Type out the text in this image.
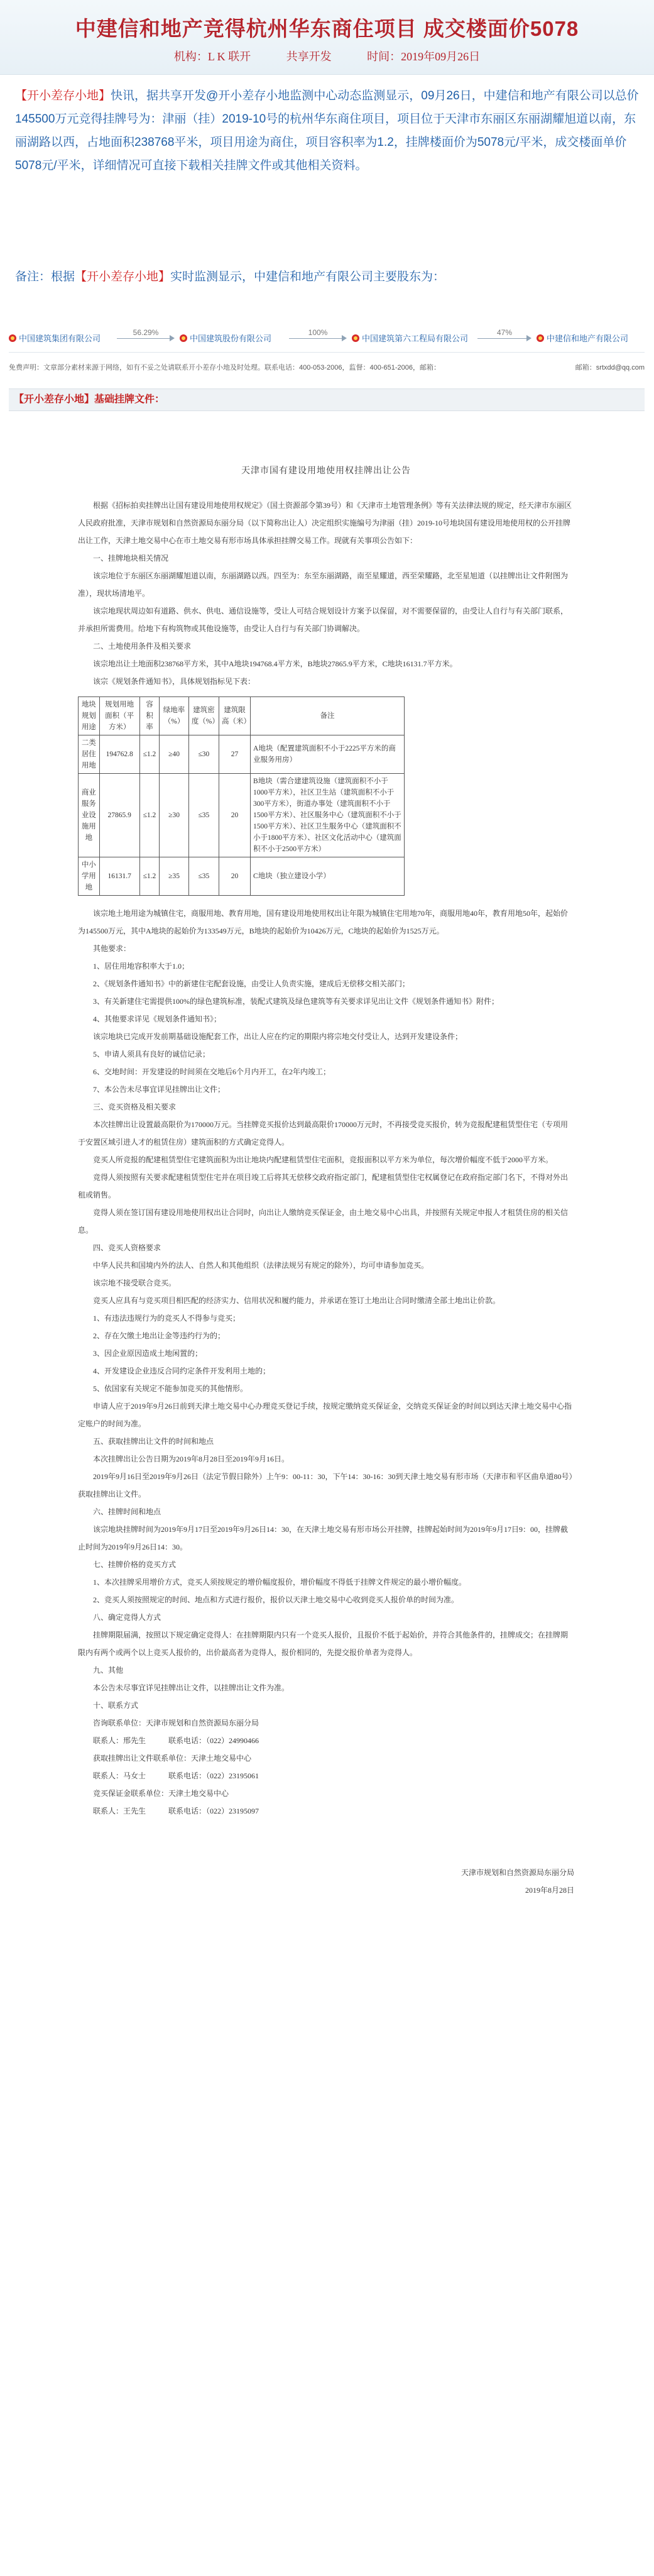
中建信和地产竞得杭州华东商住项目 成交楼面价5078
机构：L K 联开	共享开发	时间：2019年09月26日
【开小差存小地】快讯，据共享开发@开小差存小地监测中心动态监测显示，09月26日，中建信和地产有限公司以总价145500万元竞得挂牌号为：津丽（挂）2019-10号的杭州华东商住项目，项目位于天津市东丽区东丽湖耀旭道以南，东丽湖路以西，占地面积238768平米，项目用途为商住，项目容积率为1.2，挂牌楼面价为5078元/平米，成交楼面单价5078元/平米，详细情况可直接下载相关挂牌文件或其他相关资料。
备注：根据【开小差存小地】实时监测显示，中建信和地产有限公司主要股东为：
中国建筑集团有限公司
56.29%
中国建筑股份有限公司
100%
中国建筑第六工程局有限公司
47%
中建信和地产有限公司
免费声明：文章部分素材来源于网络，如有不妥之处请联系开小差存小地及时处理。联系电话：400-053-2006，监督：400-651-2006，邮箱：	邮箱：srtxdd@qq.com
【开小差存小地】基础挂牌文件：
天津市国有建设用地使用权挂牌出让公告

根据《招标拍卖挂牌出让国有建设用地使用权规定》（国土资源部令第39号）和《天津市土地管理条例》等有关法律法规的规定，经天津市东丽区人民政府批准，天津市规划和自然资源局东丽分局（以下简称出让人）决定组织实施编号为津丽（挂）2019-10号地块国有建设用地使用权的公开挂牌出让工作，天津土地交易中心在市土地交易有形市场具体承担挂牌交易工作。现就有关事项公告如下：

一、挂牌地块相关情况

该宗地位于东丽区东丽湖耀旭道以南，东丽湖路以西。四至为：东至东丽湖路，南至星耀道，西至荣耀路，北至星旭道（以挂牌出让文件附图为准），现状场清地平。

该宗地现状周边如有道路、供水、供电、通信设施等，受让人可结合规划设计方案予以保留，对不需要保留的，由受让人自行与有关部门联系，并承担所需费用。给地下有构筑物或其他设施等，由受让人自行与有关部门协调解决。

二、土地使用条件及相关要求

该宗地出让土地面积238768平方米，其中A地块194768.4平方米，B地块27865.9平方米，C地块16131.7平方米。

该宗《规划条件通知书》，具体规划指标见下表：

地块规划用途	规划用地面积（平方米）	容积率	绿地率（%）	建筑密度（%）	建筑限高（米）	备注
二类居住用地	194762.8	≤1.2	≥40	≤30	27	A地块（配置建筑面积不小于2225平方米的商业服务用房）
商业服务业设施用地	27865.9	≤1.2	≥30	≤35	20	B地块（需合建建筑设施（建筑面积不小于1000平方米），社区卫生站（建筑面积不小于300平方米），街道办事处（建筑面积不小于1500平方米）、社区服务中心（建筑面积不小于1500平方米）、社区卫生服务中心（建筑面积不小于1800平方米）、社区文化活动中心（建筑面积不小于2500平方米）
中小学用地	16131.7	≤1.2	≥35	≤35	20	C地块（独立建设小学）

该宗地土地用途为城镇住宅，商服用地、教育用地，国有建设用地使用权出让年限为城镇住宅用地70年，商服用地40年，教育用地50年，起始价为145500万元，其中A地块的起始价为133549万元，B地块的起始价为10426万元，C地块的起始价为1525万元。

其他要求：

1、居住用地容积率大于1.0；

2、《规划条件通知书》中的新建住宅配套设施，由受让人负责实施，建成后无偿移交相关部门；

3、有关新建住宅需提供100%的绿色建筑标准，装配式建筑及绿色建筑等有关要求详见出让文件《规划条件通知书》附件；

4、其他要求详见《规划条件通知书》；

该宗地块已完成开发前期基础设施配套工作，出让人应在约定的期限内将宗地交付受让人，达到开发建设条件；

5、申请人须具有良好的诚信记录；

6、交地时间：开发建设的时间须在交地后6个月内开工，在2年内竣工；

7、本公告未尽事宜详见挂牌出让文件；

三、竞买资格及相关要求

本次挂牌出让设置最高限价为170000万元。当挂牌竞买报价达到最高限价170000万元时，不再接受竞买报价，转为竞报配建租赁型住宅（专项用于安置区域引进人才的租赁住房）建筑面积的方式确定竞得人。

竞买人所竞报的配建租赁型住宅建筑面积为出让地块内配建租赁型住宅面积，竞报面积以平方米为单位，每次增价幅度不低于2000平方米。

竞得人须按照有关要求配建租赁型住宅并在项目竣工后将其无偿移交政府指定部门，配建租赁型住宅权属登记在政府指定部门名下，不得对外出租或销售。

竞得人须在签订国有建设用地使用权出让合同时，向出让人缴纳竞买保证金，由土地交易中心出具，并按照有关规定申报人才租赁住房的相关信息。

四、竞买人资格要求

中华人民共和国境内外的法人、自然人和其他组织（法律法规另有规定的除外），均可申请参加竞买。

该宗地不接受联合竞买。

竞买人应具有与竞买项目相匹配的经济实力、信用状况和履约能力，并承诺在签订土地出让合同时缴清全部土地出让价款。

1、有违法违规行为的竞买人不得参与竞买；

2、存在欠缴土地出让金等违约行为的；

3、因企业原因造成土地闲置的；

4、开发建设企业违反合同约定条件开发利用土地的；

5、依国家有关规定不能参加竞买的其他情形。

申请人应于2019年9月26日前到天津土地交易中心办理竞买登记手续，按规定缴纳竞买保证金，交纳竞买保证金的时间以到达天津土地交易中心指定账户的时间为准。

五、获取挂牌出让文件的时间和地点

本次挂牌出让公告日期为2019年8月28日至2019年9月16日。

2019年9月16日至2019年9月26日（法定节假日除外）上午9：00-11：30，下午14：30-16：30到天津土地交易有形市场（天津市和平区曲阜道80号）获取挂牌出让文件。

六、挂牌时间和地点

该宗地块挂牌时间为2019年9月17日至2019年9月26日14：30，在天津土地交易有形市场公开挂牌，挂牌起始时间为2019年9月17日9：00，挂牌截止时间为2019年9月26日14：30。

七、挂牌价格的竞买方式

1、本次挂牌采用增价方式，竞买人须按规定的增价幅度报价，增价幅度不得低于挂牌文件规定的最小增价幅度。

2、竞买人须按照规定的时间、地点和方式进行报价，报价以天津土地交易中心收到竞买人报价单的时间为准。

八、确定竞得人方式

挂牌期限届满，按照以下规定确定竞得人：在挂牌期限内只有一个竞买人报价，且报价不低于起始价，并符合其他条件的，挂牌成交；在挂牌期限内有两个或两个以上竞买人报价的，出价最高者为竞得人，报价相同的，先提交报价单者为竞得人。

九、其他

本公告未尽事宜详见挂牌出让文件，以挂牌出让文件为准。

十、联系方式

咨询联系单位：天津市规划和自然资源局东丽分局

联系人：邢先生　　　联系电话：（022）24990466

获取挂牌出让文件联系单位：天津土地交易中心

联系人：马女士　　　联系电话：（022）23195061

竞买保证金联系单位：天津土地交易中心

联系人：王先生　　　联系电话：（022）23195097

天津市规划和自然资源局东丽分局
2019年8月28日
